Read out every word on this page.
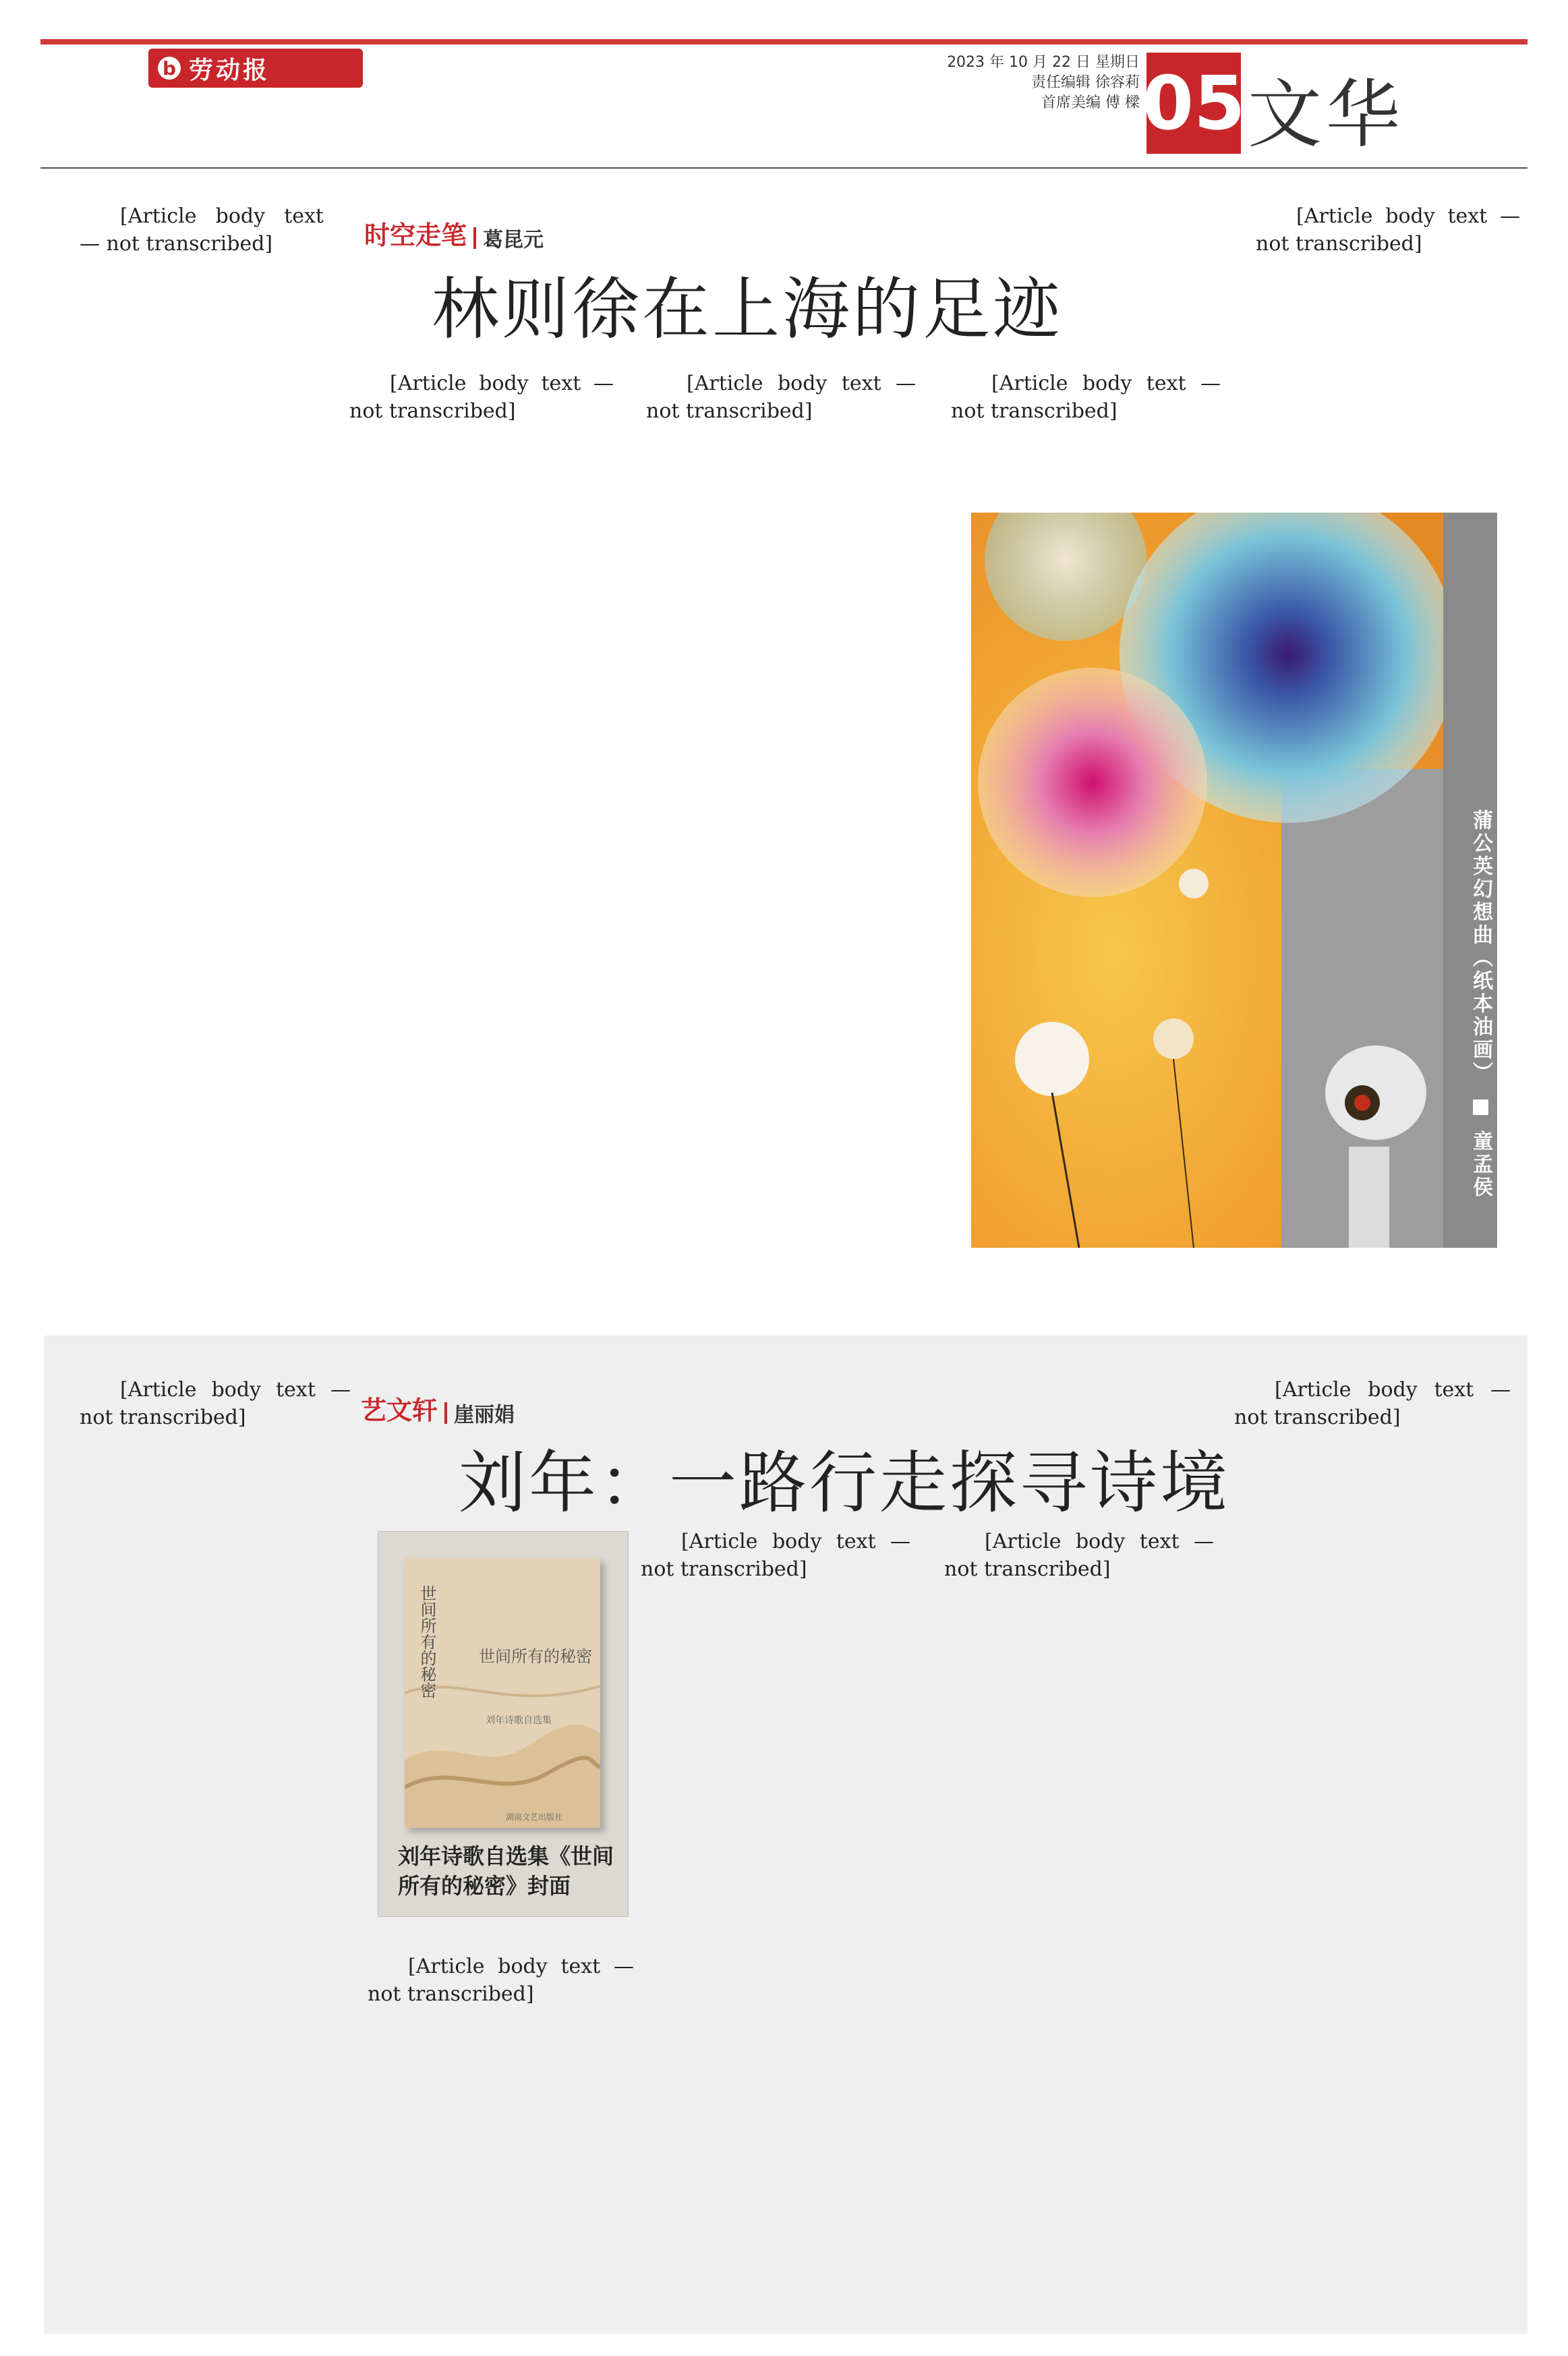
b 劳动报	2023 年 10 月 22 日 星期日
责任编辑 徐容莉
首席美编 傅 樑 05 文华
时空走笔 葛昆元
林则徐在上海的足迹

[Article body text — not transcribed]

[Article body text — not transcribed]

[Article body text — not transcribed]

[Article body text — not transcribed]

[Article body text — not transcribed]

蒲公英幻想曲（纸本油画） ■ 童孟侯
艺文轩 崖丽娟
刘年：一路行走探寻诗境

[Article body text — not transcribed]

[Article body text — not transcribed]

[Article body text — not transcribed]

[Article body text — not transcribed]

[Article body text — not transcribed]

世间所有的秘密	世间所有的秘密
刘年诗歌自选集
湖南文艺出版社
刘年诗歌自选集《世间所有的秘密》封面
